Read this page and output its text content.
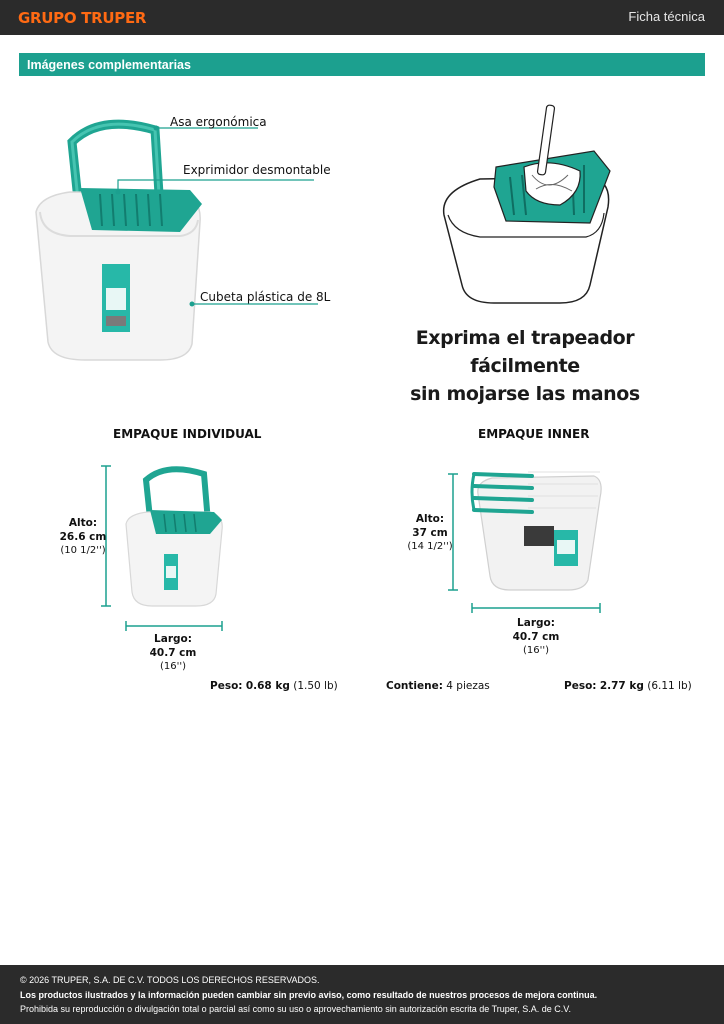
GRUPO TRUPER	Ficha técnica
Imágenes complementarias
Asa ergonómica
Exprimidor desmontable
Cubeta plástica de 8L
Exprima el trapeador fácilmente
sin mojarse las manos
EMPAQUE INDIVIDUAL
Alto:
26.6 cm
(10 1/2'')
Largo:
40.7 cm
(16'')
Peso: 0.68 kg (1.50 lb)
EMPAQUE INNER
Alto:
37 cm
(14 1/2'')
Largo:
40.7 cm
(16'')
Contiene: 4 piezas	Peso: 2.77 kg (6.11 lb)
© 2026 TRUPER, S.A. DE C.V. TODOS LOS DERECHOS RESERVADOS.
Los productos ilustrados y la información pueden cambiar sin previo aviso, como resultado de nuestros procesos de mejora continua.
Prohibida su reproducción o divulgación total o parcial así como su uso o aprovechamiento sin autorización escrita de Truper, S.A. de C.V.
